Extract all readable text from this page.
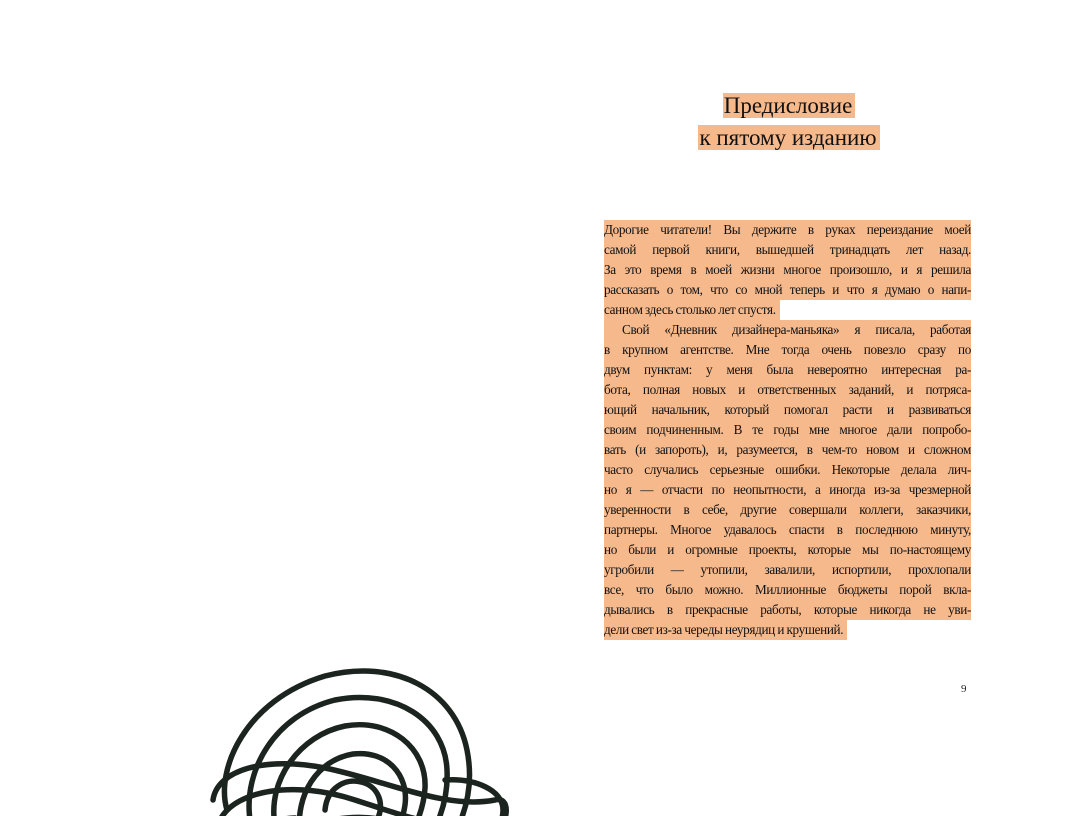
Предисловие
к пятому изданию
Дорогие читатели! Вы держите в руках переиздание моей
самой первой книги, вышедшей тринадцать лет назад.
За это время в моей жизни многое произошло, и я решила
рассказать о том, что со мной теперь и что я думаю о напи-
санном здесь столько лет спустя.
Свой «Дневник дизайнера-маньяка» я писала, работая
в крупном агентстве. Мне тогда очень повезло сразу по
двум пунктам: у меня была невероятно интересная ра-
бота, полная новых и ответственных заданий, и потряса-
ющий начальник, который помогал расти и развиваться
своим подчиненным. В те годы мне многое дали попробо-
вать (и запороть), и, разумеется, в чем-то новом и сложном
часто случались серьезные ошибки. Некоторые делала лич-
но я — отчасти по неопытности, а иногда из-за чрезмерной
уверенности в себе, другие совершали коллеги, заказчики,
партнеры. Многое удавалось спасти в последнюю минуту,
но были и огромные проекты, которые мы по-настоящему
угробили — утопили, завалили, испортили, прохлопали
все, что было можно. Миллионные бюджеты порой вкла-
дывались в прекрасные работы, которые никогда не уви-
дели свет из-за череды неурядиц и крушений.
9
